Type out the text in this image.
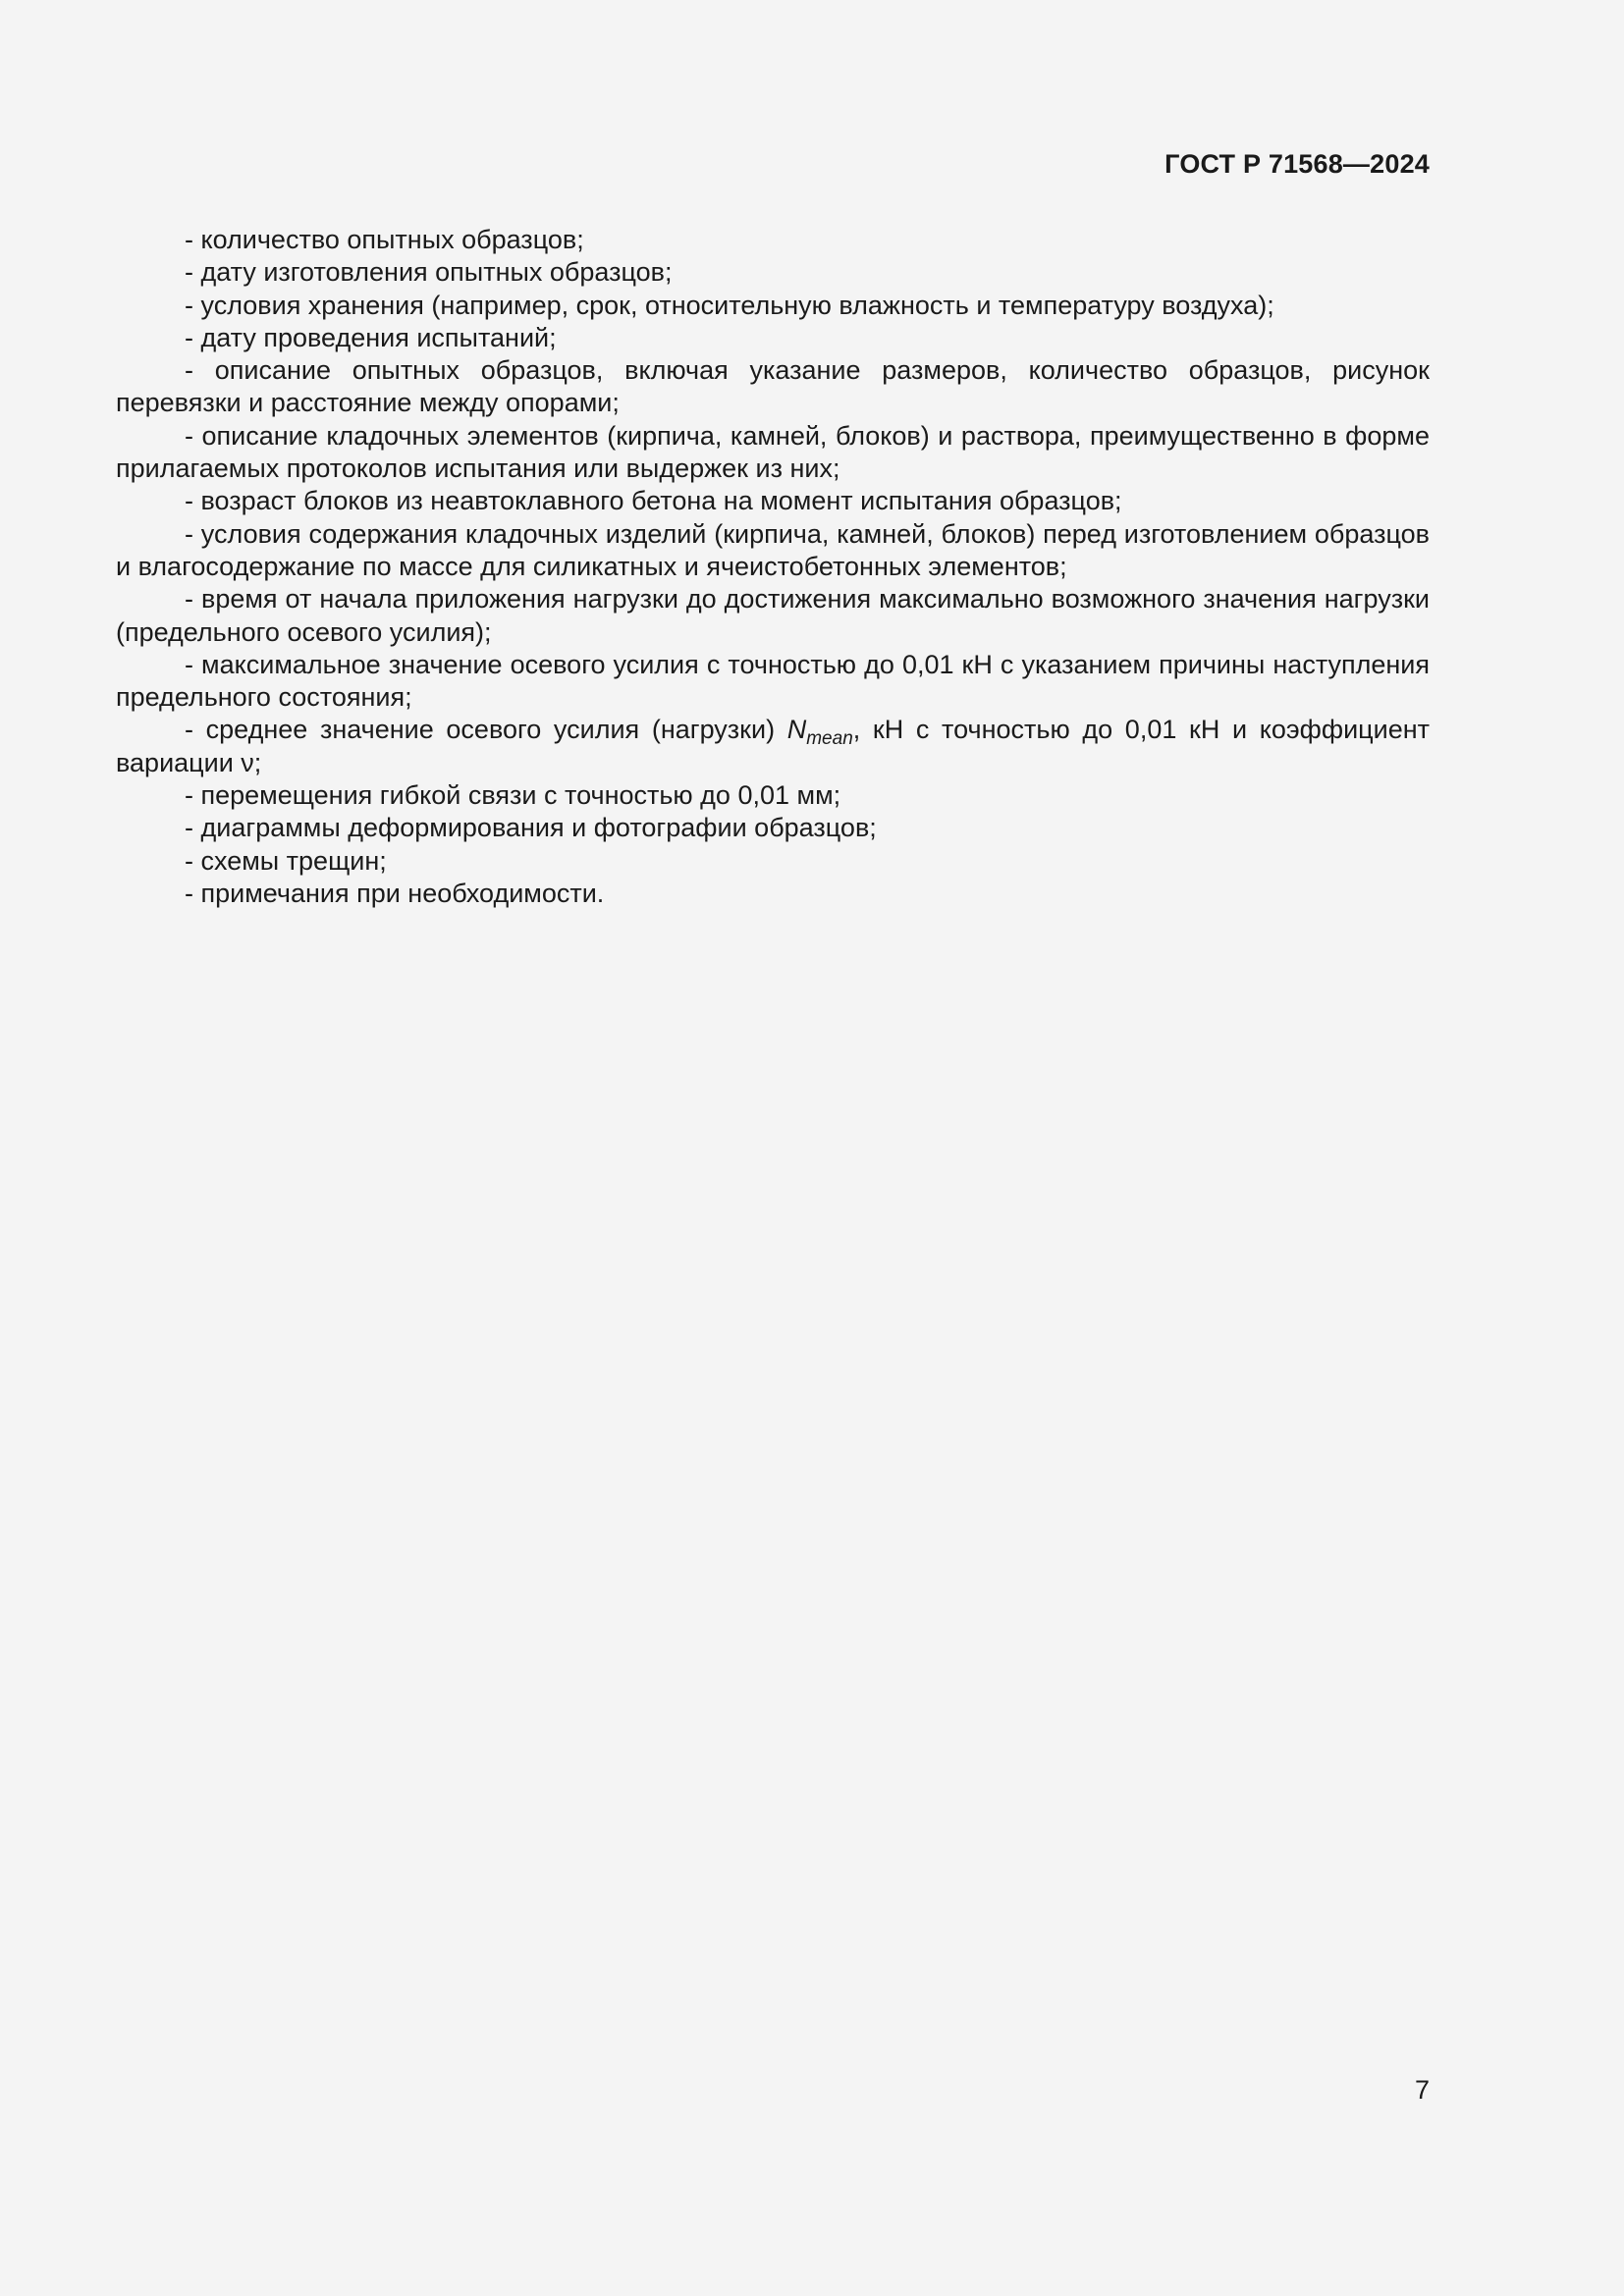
ГОСТ Р 71568—2024

- количество опытных образцов;

- дату изготовления опытных образцов;

- условия хранения (например, срок, относительную влажность и температуру воздуха);

- дату проведения испытаний;

- описание опытных образцов, включая указание размеров, количество образцов, рисунок перевязки и расстояние между опорами;

- описание кладочных элементов (кирпича, камней, блоков) и раствора, преимущественно в форме прилагаемых протоколов испытания или выдержек из них;

- возраст блоков из неавтоклавного бетона на момент испытания образцов;

- условия содержания кладочных изделий (кирпича, камней, блоков) перед изготовлением образцов и влагосодержание по массе для силикатных и ячеистобетонных элементов;

- время от начала приложения нагрузки до достижения максимально возможного значения нагрузки (предельного осевого усилия);

- максимальное значение осевого усилия с точностью до 0,01 кН с указанием причины наступления предельного состояния;

- среднее значение осевого усилия (нагрузки) $N_{mean}$, кН с точностью до 0,01 кН и коэффициент вариации ν;

- перемещения гибкой связи с точностью до 0,01 мм;

- диаграммы деформирования и фотографии образцов;

- схемы трещин;

- примечания при необходимости.

7
